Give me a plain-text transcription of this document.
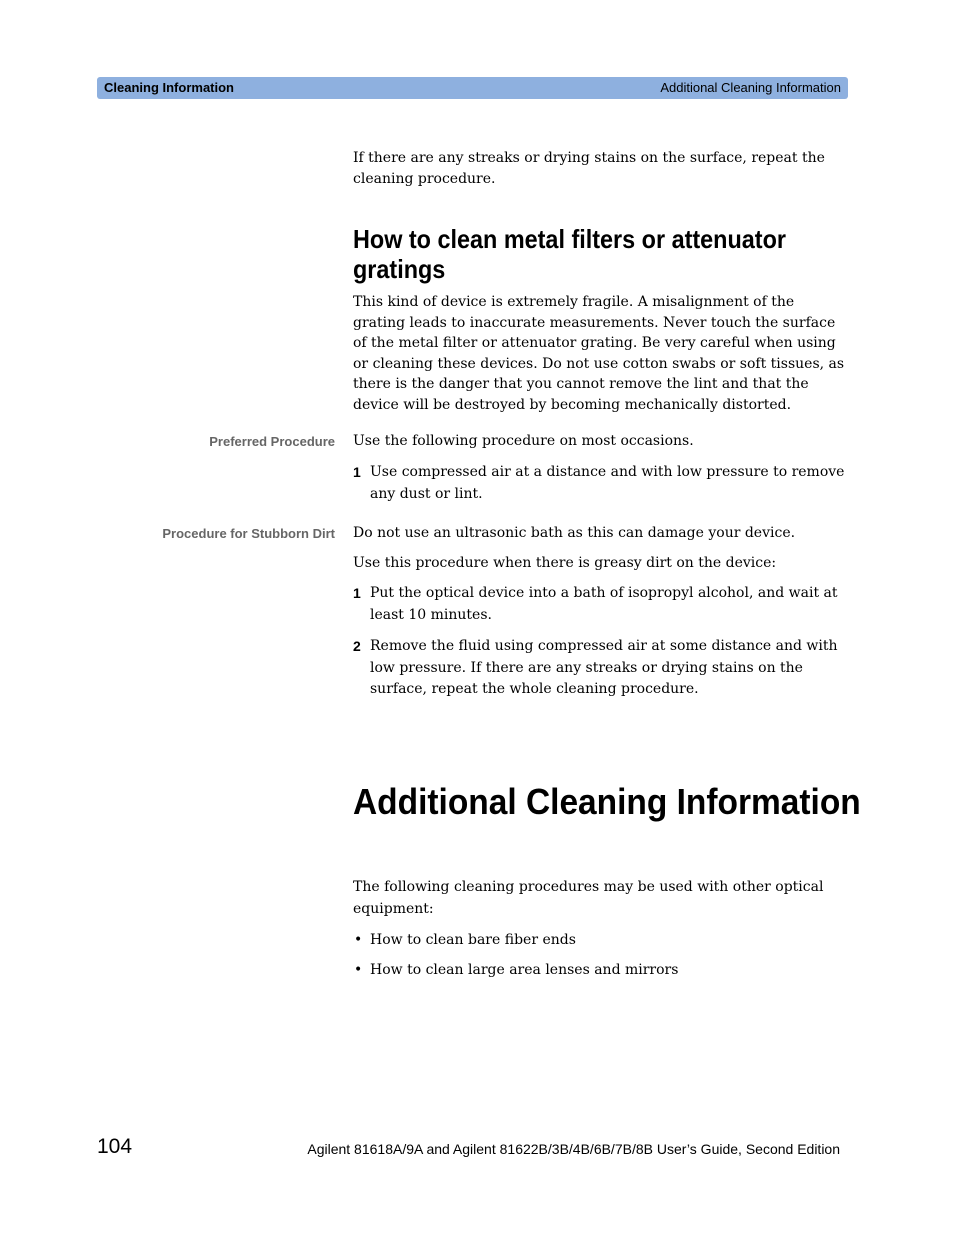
Cleaning Information	Additional Cleaning Information
If there are any streaks or drying stains on the surface, repeat the cleaning procedure.
How to clean metal filters or attenuator gratings
This kind of device is extremely fragile. A misalignment of the grating leads to inaccurate measurements. Never touch the surface of the metal filter or attenuator grating. Be very careful when using or cleaning these devices. Do not use cotton swabs or soft tissues, as there is the danger that you cannot remove the lint and that the device will be destroyed by becoming mechanically distorted.
Preferred Procedure Use the following procedure on most occasions.
1 Use compressed air at a distance and with low pressure to remove any dust or lint.
Procedure for Stubborn Dirt Do not use an ultrasonic bath as this can damage your device.
Use this procedure when there is greasy dirt on the device:
1 Put the optical device into a bath of isopropyl alcohol, and wait at least 10 minutes.
2 Remove the fluid using compressed air at some distance and with low pressure. If there are any streaks or drying stains on the surface, repeat the whole cleaning procedure.
Additional Cleaning Information
The following cleaning procedures may be used with other optical equipment:
• How to clean bare fiber ends
• How to clean large area lenses and mirrors
104	Agilent 81618A/9A and Agilent 81622B/3B/4B/6B/7B/8B User’s Guide, Second Edition
